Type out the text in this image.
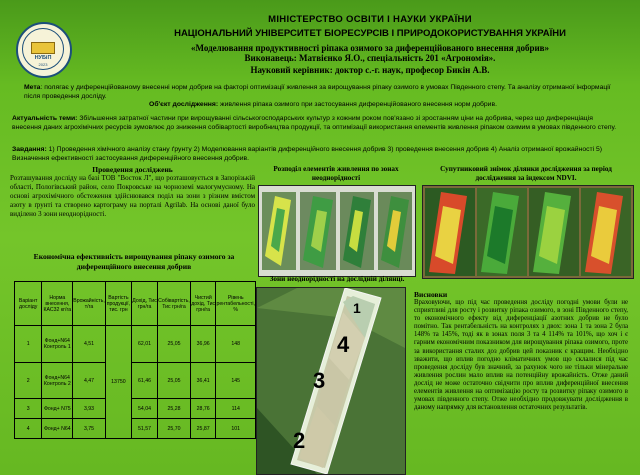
НУБіП
2023
МІНІСТЕРСТВО ОСВІТИ І НАУКИ УКРАЇНИ
НАЦІОНАЛЬНИЙ УНІВЕРСИТЕТ БІОРЕСУРСІВ І ПРИРОДОКОРИСТУВАННЯ УКРАЇНИ
«Моделювання продуктивності ріпака озимого за диференційованого внесення добрив»
Виконавець: Матвієнко Я.О., спеціальність 201 «Агрономія».
Науковий керівник: доктор с.-г. наук, професор Бикін А.В.
Мета: полягає у диференційованому внесенні норм добрив на факторі оптимізації живлення за вирощування ріпаку озимого в умовах Південного степу. Та аналізу отриманої інформації після проведення досліду.
Об'єкт дослідження: живлення ріпака озимого при застосування диференційованого внесення норм добрив.
Актуальність теми: Збільшення затратної частини при вирощуванні сільськогосподарських культур з кожним роком пов'язано зі зростанням ціни на добрива, через що диференціація внесення даних агрохімічних ресурсів зумовлює до зниження собівартості виробництва продукції, та оптимізації використання елементів живлення ріпаком озимим в умовах південного степу.
Завдання: 1) Проведення хімічного аналізу стану ґрунту 2) Моделювання варіантів диференційного внесення добрив 3) проведення внесення добрив 4) Аналіз отриманої врожайності 5) Визначення ефективності застосування диференційного внесення добрив.
Проведення досліджень
Розташування досліду на базі ТОВ "Восток Л", що розташовується в Запорізькій області, Пологівський район, село Покровське на чорноземі малогумусному. На основі агрохімічного обстеження здійснювався поділ на зони з різним вмістом азоту в ґрунті та створено картограму на порталі Agrilab. На основі даної було виділено 3 зони неоднорідності.
Економічна ефективність вирощування ріпаку озимого за диференційного внесення добрив
Варіант досліду	Норма внесення, КАС32 кг/га	Врожайність, т/га	Вартість продукції, тис. грн	Дохід, Тис грн/га	Собівартість, Тис грн/га	Чистий дохід, Тис грн/га	Рівень рентабельності, %
1	Фонд+N64 Контроль 1	4,51	13750	62,01	25,05	36,96	148
2	Фонд+N64 Контроль 2	4,47		61,46	25,05	36,41	145
3	Фонд+ N75	3,93		54,04	25,28	28,76	114
4	Фонд+ N64	3,75		51,57	25,70	25,87	101
Розподіл елементів живлення по зонах неоднорідності
Супутниковий знімок ділянки дослідження за період дослідження за індексом NDVI.
Зони неоднорідності на дослідній ділянці.
1
4
3
2
Висновки
Враховуючи, що під час проведення досліду погодні умови були не сприятливі для росту і розвитку ріпака озимого, в зоні Південного степу, то економічного ефекту від диференціації азотних добрив не було помітно. Так рентабельність на контролях з двох: зона 1 та зона 2 була 148% та 145%, тоді як в зонах поля 3 та 4 114% та 101%, що хоч і є гарним економічним показником для вирощування ріпака озимого, проте за використання сталих доз добрив цей показник є кращим. Необхідно зважити, що вплив погодно кліматичних умов що склалися під час проведення досліду був значний, за рахунок чого не тільки мінеральне живлення рослин мало вплив на потенційну врожайність. Отже даний дослід не може остаточно свідчити про вплив диференційної внесення елементів живлення на оптимізацію росту та розвитку ріпаку озимого в умовах південного степу. Отже необхідно продовжувати дослідження в даному напрямку для встановлення остаточних результатів.
